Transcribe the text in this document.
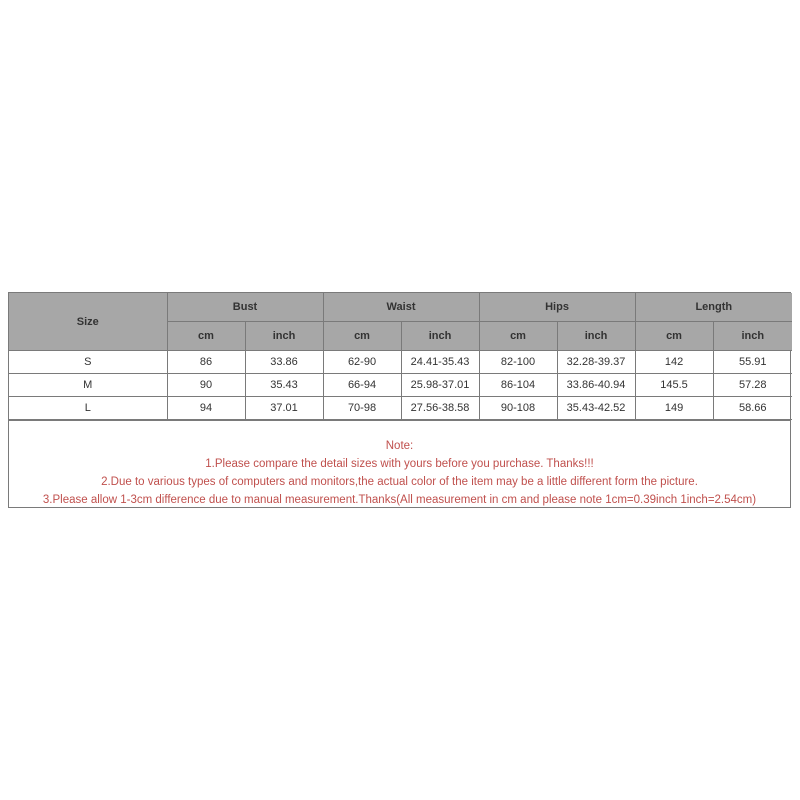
Size	Bust		Waist		Hips		Length	
	cm	inch	cm	inch	cm	inch	cm	inch
S	86	33.86	62-90	24.41-35.43	82-100	32.28-39.37	142	55.91
M	90	35.43	66-94	25.98-37.01	86-104	33.86-40.94	145.5	57.28
L	94	37.01	70-98	27.56-38.58	90-108	35.43-42.52	149	58.66
Note:
1.Please compare the detail sizes with yours before you purchase. Thanks!!!
2.Due to various types of computers and monitors,the actual color of the item may be a little different form the picture.
3.Please allow 1-3cm difference due to manual measurement.Thanks(All measurement in cm and please note 1cm=0.39inch 1inch=2.54cm)
